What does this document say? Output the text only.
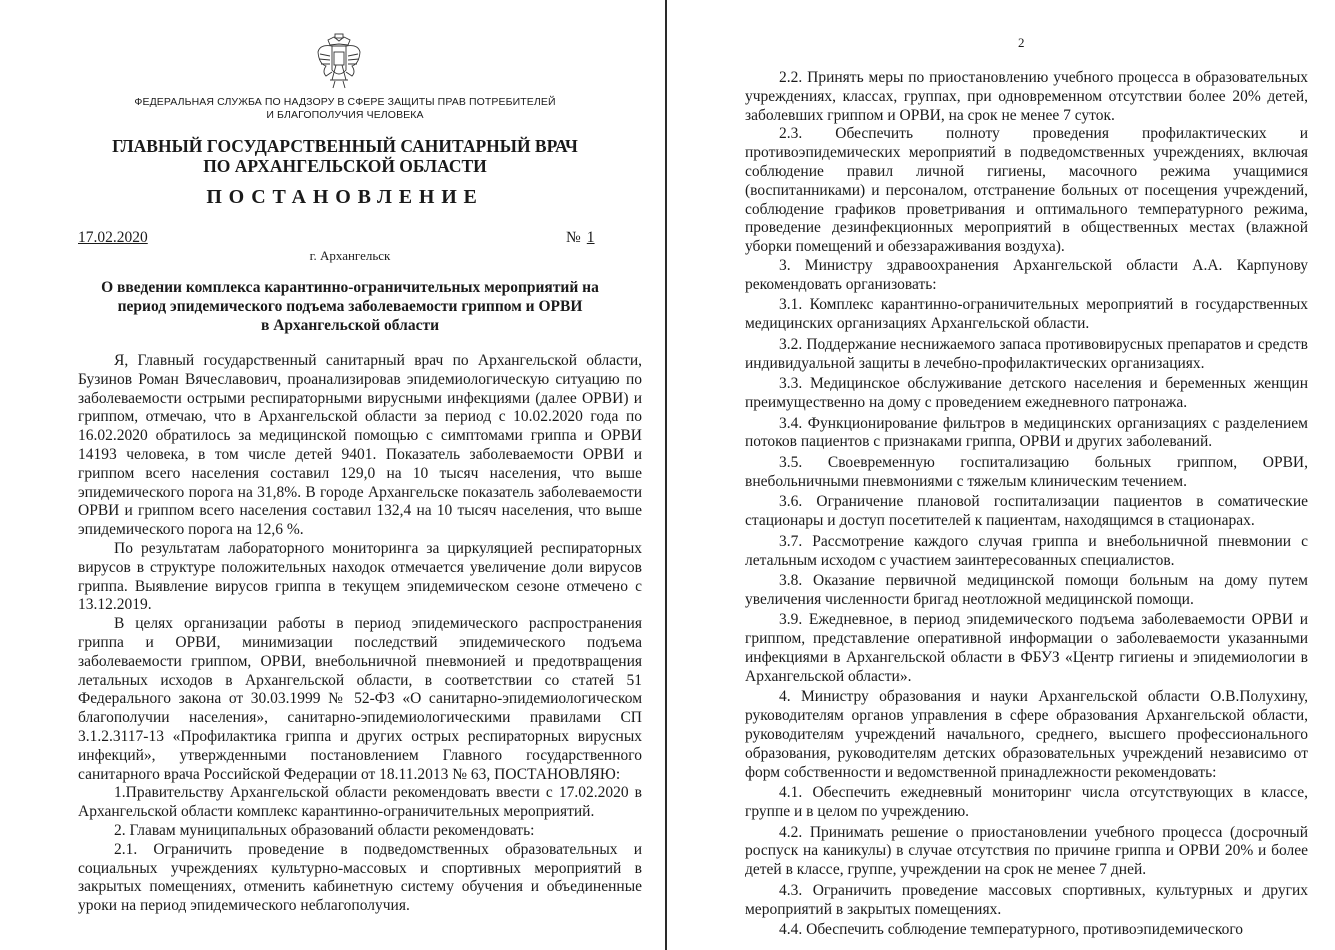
ФЕДЕРАЛЬНАЯ СЛУЖБА ПО НАДЗОРУ В СФЕРЕ ЗАЩИТЫ ПРАВ ПОТРЕБИТЕЛЕЙ
И БЛАГОПОЛУЧИЯ ЧЕЛОВЕКА
ГЛАВНЫЙ ГОСУДАРСТВЕННЫЙ САНИТАРНЫЙ ВРАЧ
ПО АРХАНГЕЛЬСКОЙ ОБЛАСТИ
ПОСТАНОВЛЕНИЕ
17.02.2020	№ 1
г. Архангельск
О введении комплекса карантинно-ограничительных мероприятий на
период эпидемического подъема заболеваемости гриппом и ОРВИ
в Архангельской области

Я, Главный государственный санитарный врач по Архангельской области, Бузинов Роман Вячеславович, проанализировав эпидемиологическую ситуацию по заболеваемости острыми респираторными вирусными инфекциями (далее ОРВИ) и гриппом, отмечаю, что в Архангельской области за период с 10.02.2020 года по 16.02.2020 обратилось за медицинской помощью с симптомами гриппа и ОРВИ 14193 человека, в том числе детей 9401. Показатель заболеваемости ОРВИ и гриппом всего населения составил 129,0 на 10 тысяч населения, что выше эпидемического порога на 31,8%. В городе Архангельске показатель заболеваемости ОРВИ и гриппом всего населения составил 132,4 на 10 тысяч населения, что выше эпидемического порога на 12,6 %.

По результатам лабораторного мониторинга за циркуляцией респираторных вирусов в структуре положительных находок отмечается увеличение доли вирусов гриппа. Выявление вирусов гриппа в текущем эпидемическом сезоне отмечено с 13.12.2019.

В целях организации работы в период эпидемического распространения гриппа и ОРВИ, минимизации последствий эпидемического подъема заболеваемости гриппом, ОРВИ, внебольничной пневмонией и предотвращения летальных исходов в Архангельской области, в соответствии со статей 51 Федерального закона от 30.03.1999 № 52-ФЗ «О санитарно-эпидемиологическом благополучии населения», санитарно-эпидемиологическими правилами СП 3.1.2.3117-13 «Профилактика гриппа и других острых респираторных вирусных инфекций», утвержденными постановлением Главного государственного санитарного врача Российской Федерации от 18.11.2013 № 63, ПОСТАНОВЛЯЮ:

1.Правительству Архангельской области рекомендовать ввести с 17.02.2020 в Архангельской области комплекс карантинно-ограничительных мероприятий.

2. Главам муниципальных образований области рекомендовать:

2.1. Ограничить проведение в подведомственных образовательных и социальных учреждениях культурно-массовых и спортивных мероприятий в закрытых помещениях, отменить кабинетную систему обучения и объединенные уроки на период эпидемического неблагополучия.

2

2.2. Принять меры по приостановлению учебного процесса в образовательных учреждениях, классах, группах, при одновременном отсутствии более 20% детей, заболевших гриппом и ОРВИ, на срок не менее 7 суток.

2.3. Обеспечить полноту проведения профилактических и противоэпидемических мероприятий в подведомственных учреждениях, включая соблюдение правил личной гигиены, масочного режима учащимися (воспитанниками) и персоналом, отстранение больных от посещения учреждений, соблюдение графиков проветривания и оптимального температурного режима, проведение дезинфекционных мероприятий в общественных местах (влажной уборки помещений и обеззараживания воздуха).

3. Министру здравоохранения Архангельской области А.А. Карпунову рекомендовать организовать:

3.1. Комплекс карантинно-ограничительных мероприятий в государственных медицинских организациях Архангельской области.

3.2. Поддержание неснижаемого запаса противовирусных препаратов и средств индивидуальной защиты в лечебно-профилактических организациях.

3.3. Медицинское обслуживание детского населения и беременных женщин преимущественно на дому с проведением ежедневного патронажа.

3.4. Функционирование фильтров в медицинских организациях с разделением потоков пациентов с признаками гриппа, ОРВИ и других заболеваний.

3.5. Своевременную госпитализацию больных гриппом, ОРВИ, внебольничными пневмониями с тяжелым клиническим течением.

3.6. Ограничение плановой госпитализации пациентов в соматические стационары и доступ посетителей к пациентам, находящимся в стационарах.

3.7. Рассмотрение каждого случая гриппа и внебольничной пневмонии с летальным исходом с участием заинтересованных специалистов.

3.8. Оказание первичной медицинской помощи больным на дому путем увеличения численности бригад неотложной медицинской помощи.

3.9. Ежедневное, в период эпидемического подъема заболеваемости ОРВИ и гриппом, представление оперативной информации о заболеваемости указанными инфекциями в Архангельской области в ФБУЗ «Центр гигиены и эпидемиологии в Архангельской области».

4. Министру образования и науки Архангельской области О.В.Полухину, руководителям органов управления в сфере образования Архангельской области, руководителям учреждений начального, среднего, высшего профессионального образования, руководителям детских образовательных учреждений независимо от форм собственности и ведомственной принадлежности рекомендовать:

4.1. Обеспечить ежедневный мониторинг числа отсутствующих в классе, группе и в целом по учреждению.

4.2. Принимать решение о приостановлении учебного процесса (досрочный роспуск на каникулы) в случае отсутствия по причине гриппа и ОРВИ 20% и более детей в классе, группе, учреждении на срок не менее 7 дней.

4.3. Ограничить проведение массовых спортивных, культурных и других мероприятий в закрытых помещениях.

4.4. Обеспечить соблюдение температурного, противоэпидемического
